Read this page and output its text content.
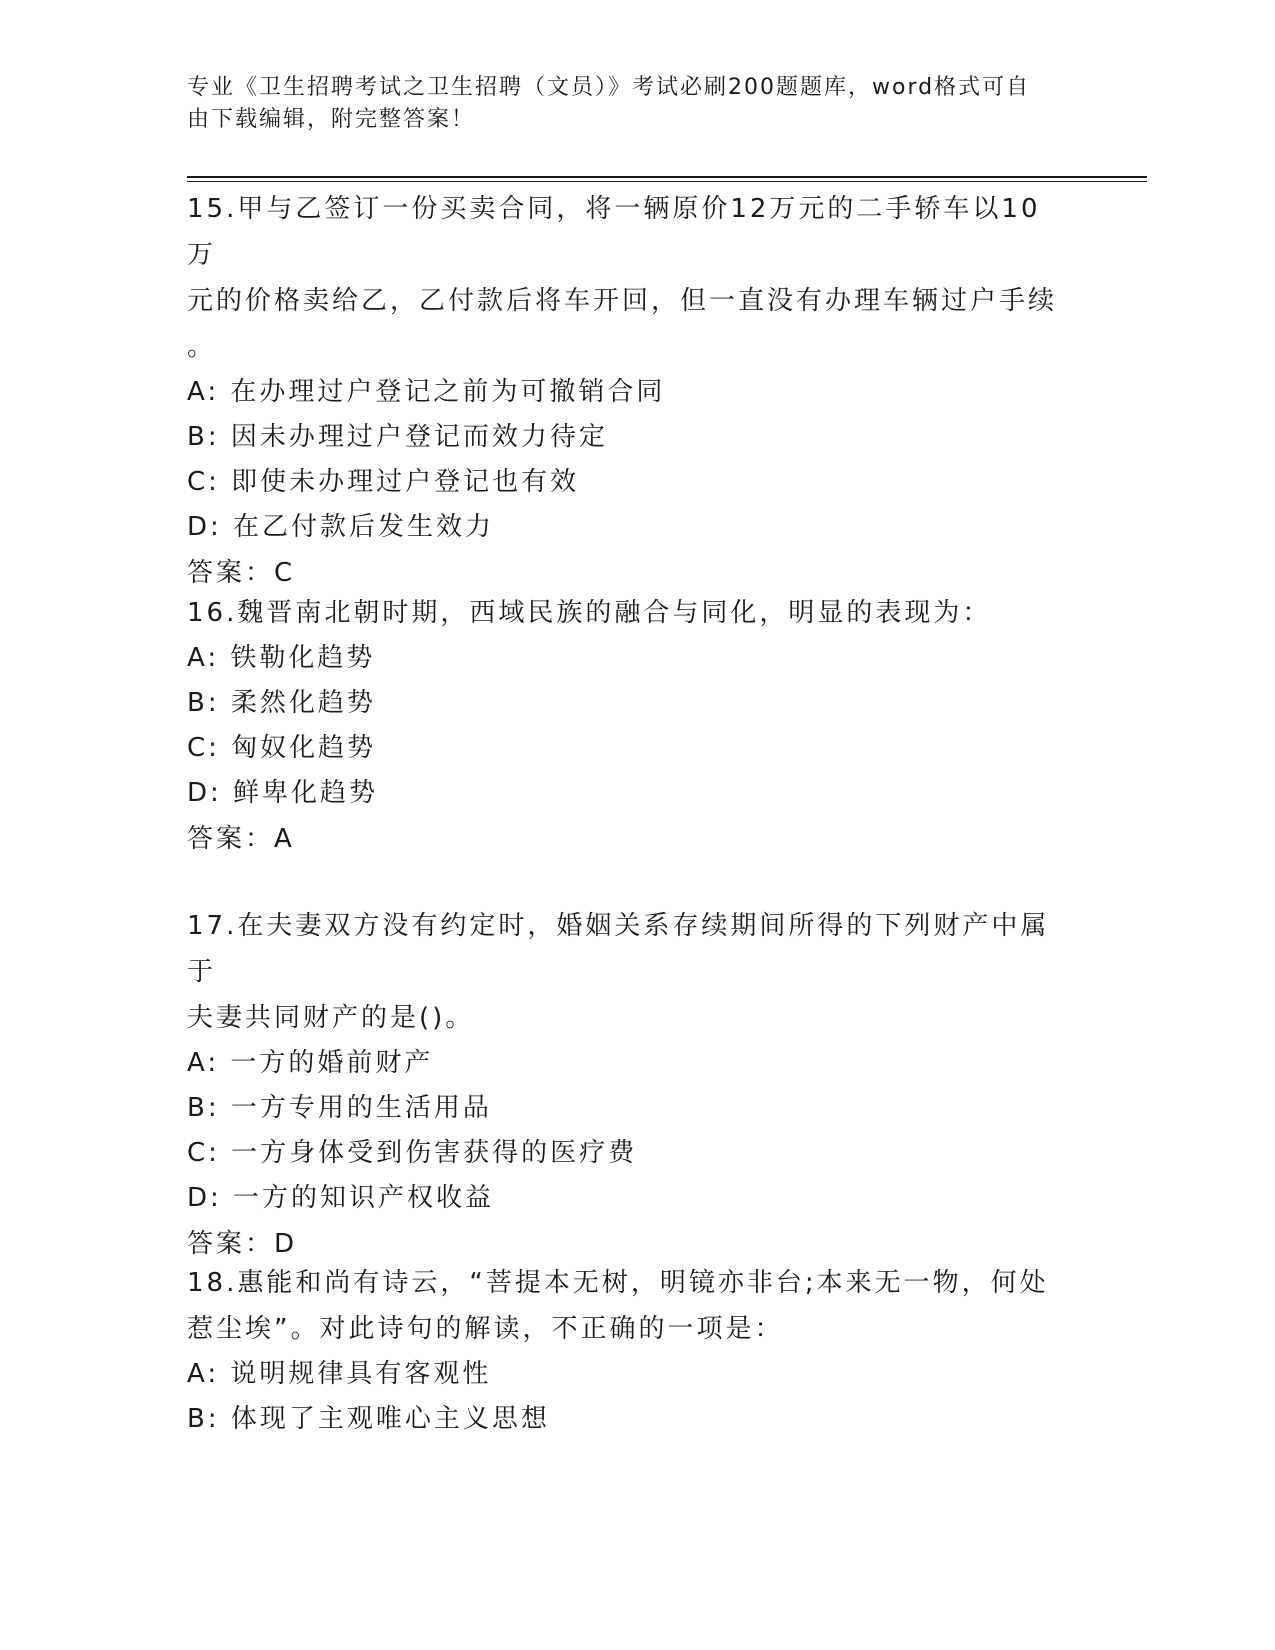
专业《卫生招聘考试之卫生招聘（文员）》考试必刷200题题库，word格式可自
由下载编辑，附完整答案！
15.甲与乙签订一份买卖合同，将一辆原价12万元的二手轿车以10万
元的价格卖给乙，乙付款后将车开回，但一直没有办理车辆过户手续
。
A: 在办理过户登记之前为可撤销合同
B: 因未办理过户登记而效力待定
C: 即使未办理过户登记也有效
D: 在乙付款后发生效力
答案：C
16.魏晋南北朝时期，西域民族的融合与同化，明显的表现为：
A: 铁勒化趋势
B: 柔然化趋势
C: 匈奴化趋势
D: 鲜卑化趋势
答案：A
17.在夫妻双方没有约定时，婚姻关系存续期间所得的下列财产中属于
夫妻共同财产的是()。
A: 一方的婚前财产
B: 一方专用的生活用品
C: 一方身体受到伤害获得的医疗费
D: 一方的知识产权收益
答案：D
18.惠能和尚有诗云，“菩提本无树，明镜亦非台;本来无一物，何处
惹尘埃”。对此诗句的解读，不正确的一项是：
A: 说明规律具有客观性
B: 体现了主观唯心主义思想
